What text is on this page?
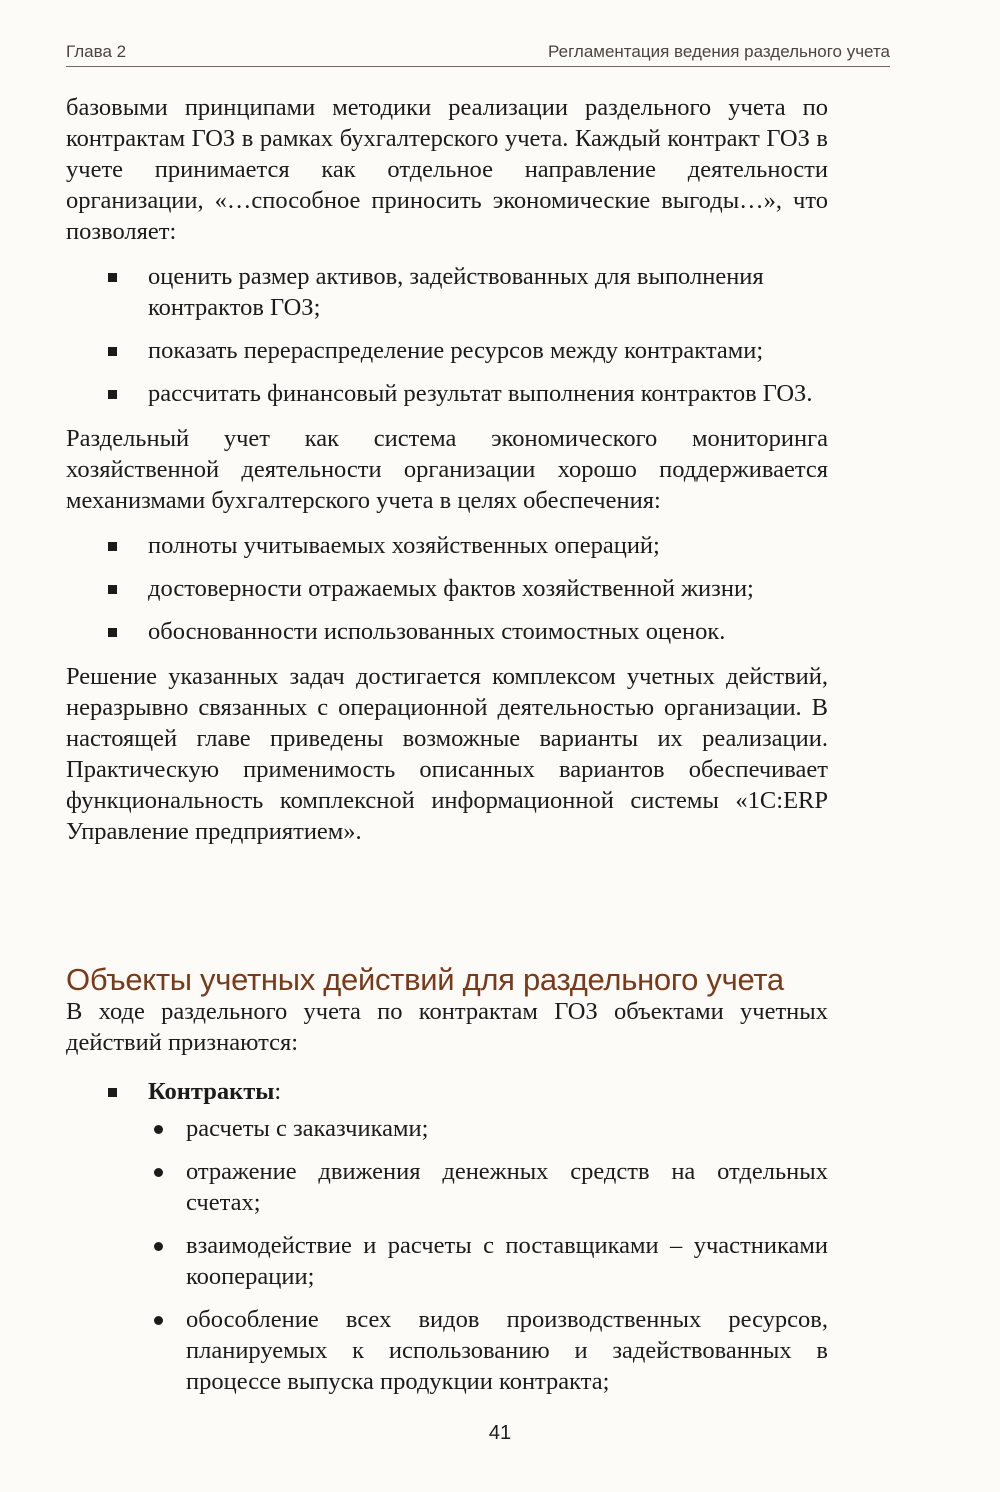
Глава 2	Регламентация ведения раздельного учета

базовыми принципами методики реализации раздельного учета по контрактам ГОЗ в рамках бухгалтерского учета. Каждый контракт ГОЗ в учете принимается как отдельное направление деятельности организации, «…способное приносить экономические выгоды…», что позволяет:

оценить размер активов, задействованных для выполнения контрактов ГОЗ;
показать перераспределение ресурсов между контрактами;
рассчитать финансовый результат выполнения контрактов ГОЗ.

Раздельный учет как система экономического мониторинга хозяйственной деятельности организации хорошо поддерживается механизмами бухгалтерского учета в целях обеспечения:

полноты учитываемых хозяйственных операций;
достоверности отражаемых фактов хозяйственной жизни;
обоснованности использованных стоимостных оценок.

Решение указанных задач достигается комплексом учетных действий, неразрывно связанных с операционной деятельностью организации. В настоящей главе приведены возможные варианты их реализации. Практическую применимость описанных вариантов обеспечивает функциональность комплексной информационной системы «1С:ERP Управление предприятием».

Объекты учетных действий для раздельного учета

В ходе раздельного учета по контрактам ГОЗ объектами учетных действий признаются:

Контракты:
расчеты с заказчиками;
отражение движения денежных средств на отдельных счетах;
взаимодействие и расчеты с поставщиками – участниками кооперации;
обособление всех видов производственных ресурсов, планируемых к использованию и задействованных в процессе выпуска продукции контракта;
41
